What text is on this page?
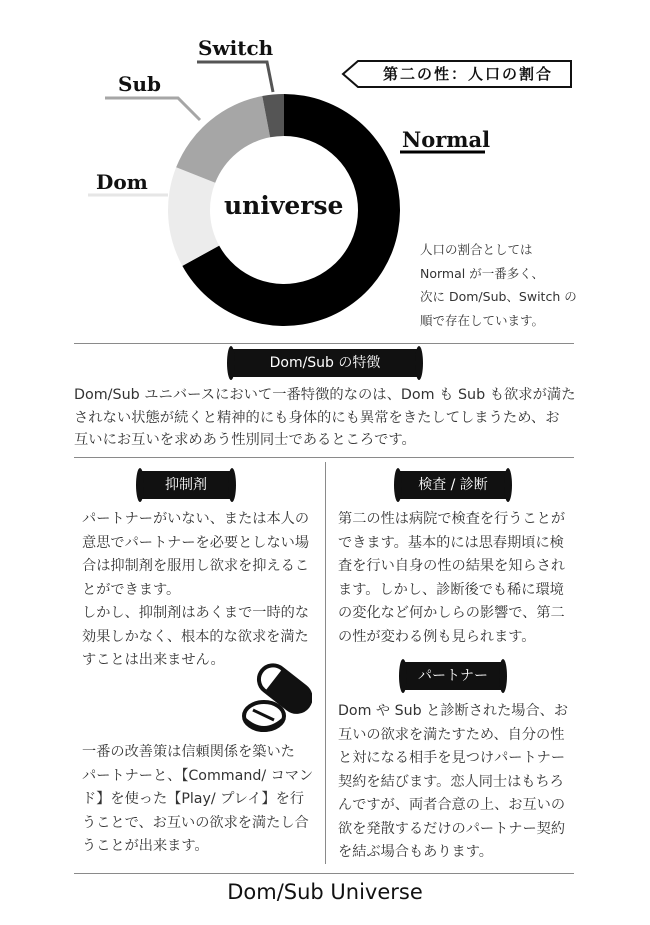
Switch
Sub
Dom
Normal
universe
第二の性：人口の割合
人口の割合としては
Normal が一番多く、
次に Dom/Sub、Switch の
順で存在しています。
Dom/Sub の特徴
Dom/Sub ユニバースにおいて一番特徴的なのは、Dom も Sub も欲求が満た
されない状態が続くと精神的にも身体的にも異常をきたしてしまうため、お
互いにお互いを求めあう性別同士であるところです。
抑制剤
パートナーがいない、または本人の
意思でパートナーを必要としない場
合は抑制剤を服用し欲求を抑えるこ
とができます。
しかし、抑制剤はあくまで一時的な
効果しかなく、根本的な欲求を満た
すことは出来ません。
一番の改善策は信頼関係を築いた
パートナーと、【Command/ コマン
ド】を使った【Play/ プレイ】を行
うことで、お互いの欲求を満たし合
うことが出来ます。
検査 / 診断
第二の性は病院で検査を行うことが
できます。基本的には思春期頃に検
査を行い自身の性の結果を知らされ
ます。しかし、診断後でも稀に環境
の変化など何かしらの影響で、第二
の性が変わる例も見られます。
パートナー
Dom や Sub と診断された場合、お
互いの欲求を満たすため、自分の性
と対になる相手を見つけパートナー
契約を結びます。恋人同士はもちろ
んですが、両者合意の上、お互いの
欲を発散するだけのパートナー契約
を結ぶ場合もあります。
Dom/Sub Universe
